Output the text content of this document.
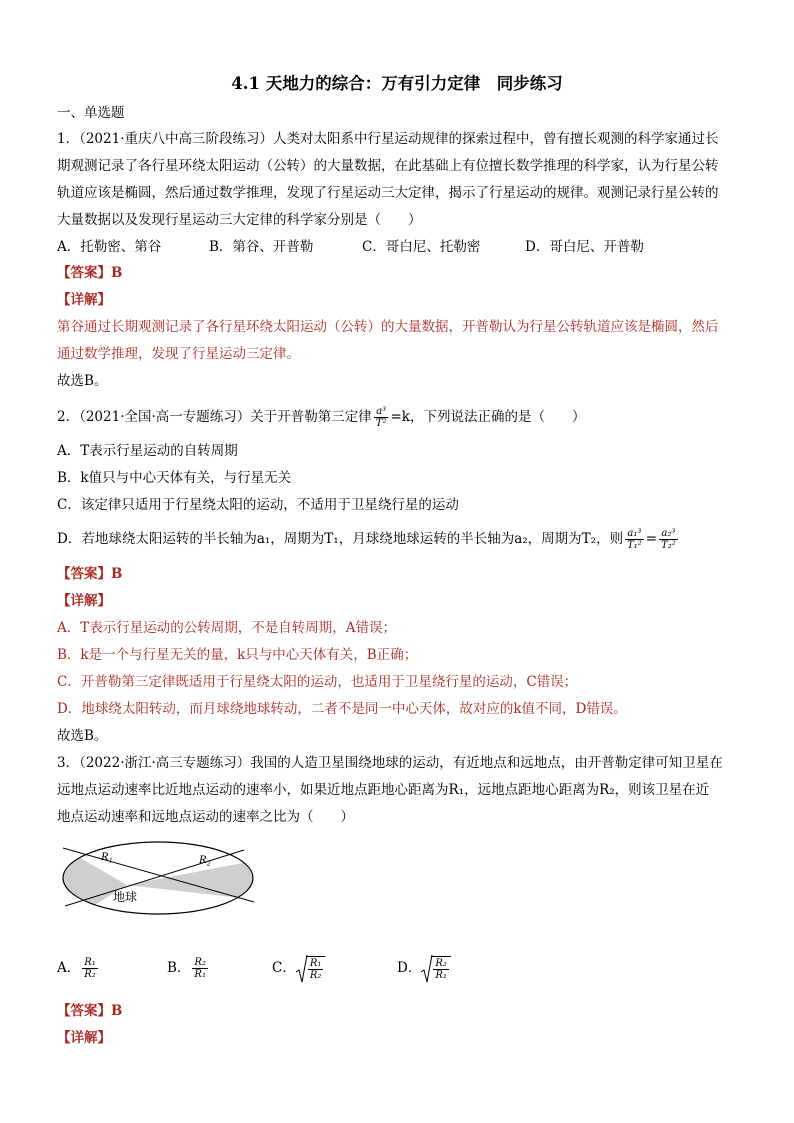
4.1 天地力的综合：万有引力定律　同步练习
一、单选题
1．（2021·重庆八中高三阶段练习）人类对太阳系中行星运动规律的探索过程中，曾有擅长观测的科学家通过长
期观测记录了各行星环绕太阳运动（公转）的大量数据，在此基础上有位擅长数学推理的科学家，认为行星公转
轨道应该是椭圆，然后通过数学推理，发现了行星运动三大定律，揭示了行星运动的规律。观测记录行星公转的
大量数据以及发现行星运动三大定律的科学家分别是（　　）
A．托勒密、第谷	B．第谷、开普勒	C．哥白尼、托勒密	D．哥白尼、开普勒
【答案】B
【详解】
第谷通过长期观测记录了各行星环绕太阳运动（公转）的大量数据，开普勒认为行星公转轨道应该是椭圆，然后
通过数学推理，发现了行星运动三定律。
故选B。
2．（2021·全国·高一专题练习）关于开普勒第三定律 $\frac{\text{a³}}{\text{T²}} =k$，下列说法正确的是（　　）
A．T表示行星运动的自转周期
B．k值只与中心天体有关，与行星无关
C．该定律只适用于行星绕太阳的运动，不适用于卫星绕行星的运动
D．若地球绕太阳运转的半长轴为a₁，周期为T₁，月球绕地球运转的半长轴为a₂，周期为T₂，则 $\frac{\text{a₁³}}{\text{T₁²}} = \frac{\text{a₂³}}{\text{T₂²}}$
【答案】B
【详解】
A．T表示行星运动的公转周期，不是自转周期，A错误；
B．k是一个与行星无关的量，k只与中心天体有关，B正确；
C．开普勒第三定律既适用于行星绕太阳的运动，也适用于卫星绕行星的运动，C错误；
D．地球绕太阳转动，而月球绕地球转动，二者不是同一中心天体，故对应的k值不同，D错误。
故选B。
3．（2022·浙江·高三专题练习）我国的人造卫星围绕地球的运动，有近地点和远地点，由开普勒定律可知卫星在
远地点运动速率比近地点运动的速率小，如果近地点距地心距离为R₁，远地点距地心距离为R₂，则该卫星在近
地点运动速率和远地点运动的速率之比为（　　）
R₁	R₂
地球
A． $\frac{\text{R₁}}{\text{R₂}}$	B． $\frac{\text{R₂}}{\text{R₁}}$	C． $\frac{\text{R₁}}{\text{R₂}}$	D． $\frac{\text{R₂}}{\text{R₁}}$
【答案】B
【详解】
